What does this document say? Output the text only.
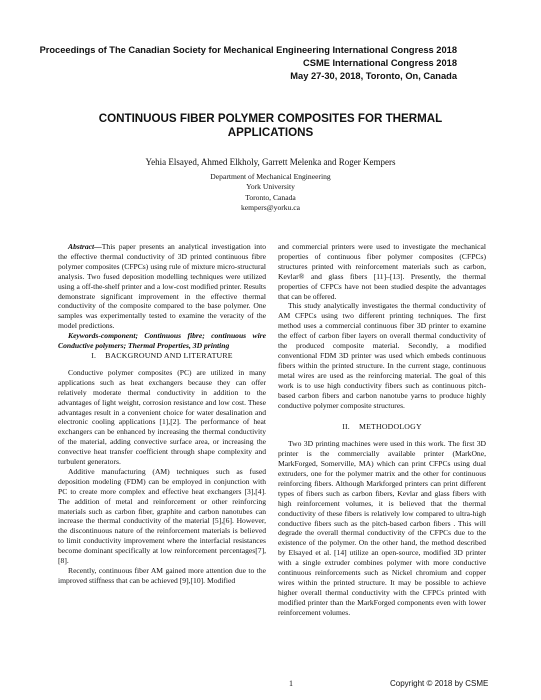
Proceedings of The Canadian Society for Mechanical Engineering International Congress 2018
CSME International Congress 2018
May 27-30, 2018, Toronto, On, Canada
CONTINUOUS FIBER POLYMER COMPOSITES FOR THERMAL APPLICATIONS
Yehia Elsayed, Ahmed Elkholy, Garrett Melenka and Roger Kempers
Department of Mechanical Engineering
York University
Toronto, Canada
kempers@yorku.ca

Abstract—This paper presents an analytical investigation into the effective thermal conductivity of 3D printed continuous fibre polymer composites (CFPCs) using rule of mixture micro-structural analysis. Two fused deposition modelling techniques were utilized using a off-the-shelf printer and a low-cost modified printer. Results demonstrate significant improvement in the effective thermal conductivity of the composite compared to the base polymer. One samples was experimentally tested to examine the veracity of the model predictions.

Keywords-component; Continuous fibre; continuous wire Conductive polymers; Thermal Properties, 3D printing

I. BACKGROUND AND LITERATURE

Conductive polymer composites (PC) are utilized in many applications such as heat exchangers because they can offer relatively moderate thermal conductivity in addition to the advantages of light weight, corrosion resistance and low cost. These advantages result in a convenient choice for water desalination and electronic cooling applications [1],[2]. The performance of heat exchangers can be enhanced by increasing the thermal conductivity of the material, adding convective surface area, or increasing the convective heat transfer coefficient through shape complexity and turbulent generators.

Additive manufacturing (AM) techniques such as fused deposition modeling (FDM) can be employed in conjunction with PC to create more complex and effective heat exchangers [3],[4]. The addition of metal and reinforcement or other reinforcing materials such as carbon fiber, graphite and carbon nanotubes can increase the thermal conductivity of the material [5],[6]. However, the discontinuous nature of the reinforcement materials is believed to limit conductivity improvement where the interfacial resistances become dominant specifically at low reinforcement percentages[7],[8].

Recently, continuous fiber AM gained more attention due to the improved stiffness that can be achieved [9],[10]. Modified

and commercial printers were used to investigate the mechanical properties of continuous fiber polymer composites (CFPCs) structures printed with reinforcement materials such as carbon, Kevlar® and glass fibers [11]–[13]. Presently, the thermal properties of CFPCs have not been studied despite the advantages that can be offered.

This study analytically investigates the thermal conductivity of AM CFPCs using two different printing techniques. The first method uses a commercial continuous fiber 3D printer to examine the effect of carbon fiber layers on overall thermal conductivity of the produced composite material. Secondly, a modified conventional FDM 3D printer was used which embeds continuous fibers within the printed structure. In the current stage, continuous metal wires are used as the reinforcing material. The goal of this work is to use high conductivity fibers such as continuous pitch-based carbon fibers and carbon nanotube yarns to produce highly conductive polymer composite structures.

II. METHODOLOGY

Two 3D printing machines were used in this work. The first 3D printer is the commercially available printer (MarkOne, MarkForged, Somerville, MA) which can print CFPCs using dual extruders, one for the polymer matrix and the other for continuous reinforcing fibers. Although Markforged printers can print different types of fibers such as carbon fibers, Kevlar and glass fibers with high reinforcement volumes, it is believed that the thermal conductivity of these fibers is relatively low compared to ultra-high conductive fibers such as the pitch-based carbon fibers . This will degrade the overall thermal conductivity of the CFPCs due to the existence of the polymer. On the other hand, the method described by Elsayed et al. [14] utilize an open-source, modified 3D printer with a single extruder combines polymer with more conductive continuous reinforcements such as Nickel chromium and copper wires within the printed structure. It may be possible to achieve higher overall thermal conductivity with the CFPCs printed with modified printer than the MarkForged components even with lower reinforcement volumes.

1	Copyright © 2018 by CSME
